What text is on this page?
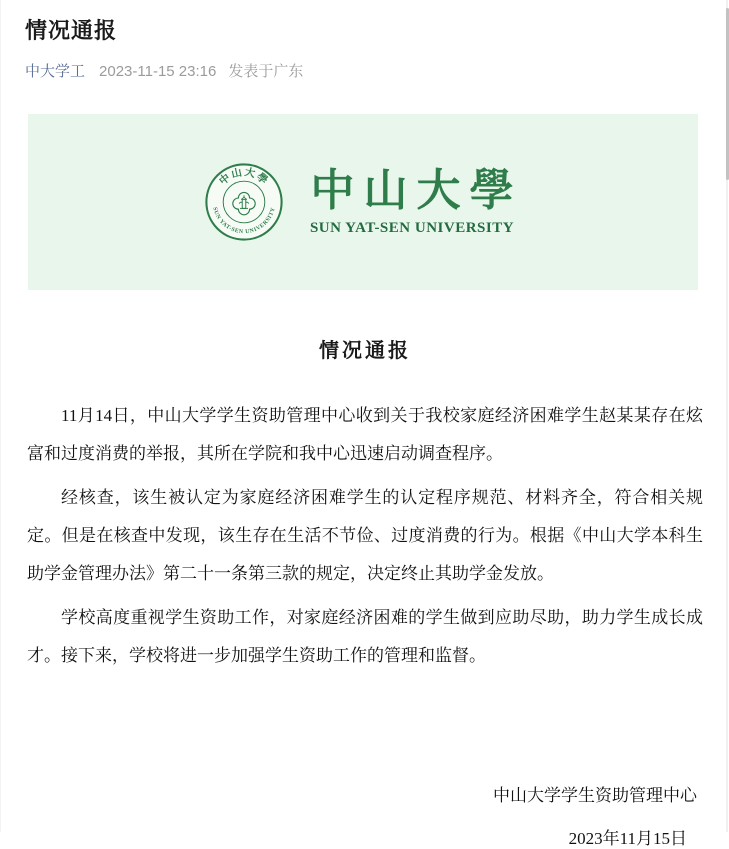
情况通报
中大学工 2023-11-15 23:16 发表于广东
中山大學
SUN YAT-SEN UNIVERSITY 中山大學
SUN YAT-SEN UNIVERSITY
情况通报

11月14日，中山大学学生资助管理中心收到关于我校家庭经济困难学生赵某某存在炫富和过度消费的举报，其所在学院和我中心迅速启动调查程序。

经核查，该生被认定为家庭经济困难学生的认定程序规范、材料齐全，符合相关规定。但是在核查中发现，该生存在生活不节俭、过度消费的行为。根据《中山大学本科生助学金管理办法》第二十一条第三款的规定，决定终止其助学金发放。

学校高度重视学生资助工作，对家庭经济困难的学生做到应助尽助，助力学生成长成才。接下来，学校将进一步加强学生资助工作的管理和监督。

中山大学学生资助管理中心
2023年11月15日
